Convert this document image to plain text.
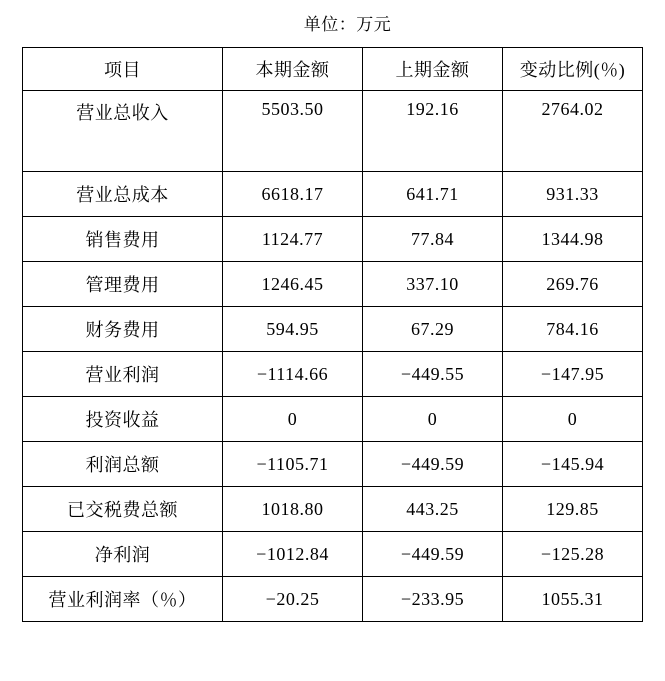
单位：万元
项目	本期金额	上期金额	变动比例(％)
营业总收入	5503.50	192.16	2764.02
营业总成本	6618.17	641.71	931.33
销售费用	1124.77	77.84	1344.98
管理费用	1246.45	337.10	269.76
财务费用	594.95	67.29	784.16
营业利润	−1114.66	−449.55	−147.95
投资收益	0	0	0
利润总额	−1105.71	−449.59	−145.94
已交税费总额	1018.80	443.25	129.85
净利润	−1012.84	−449.59	−125.28
营业利润率（％）	−20.25	−233.95	1055.31
